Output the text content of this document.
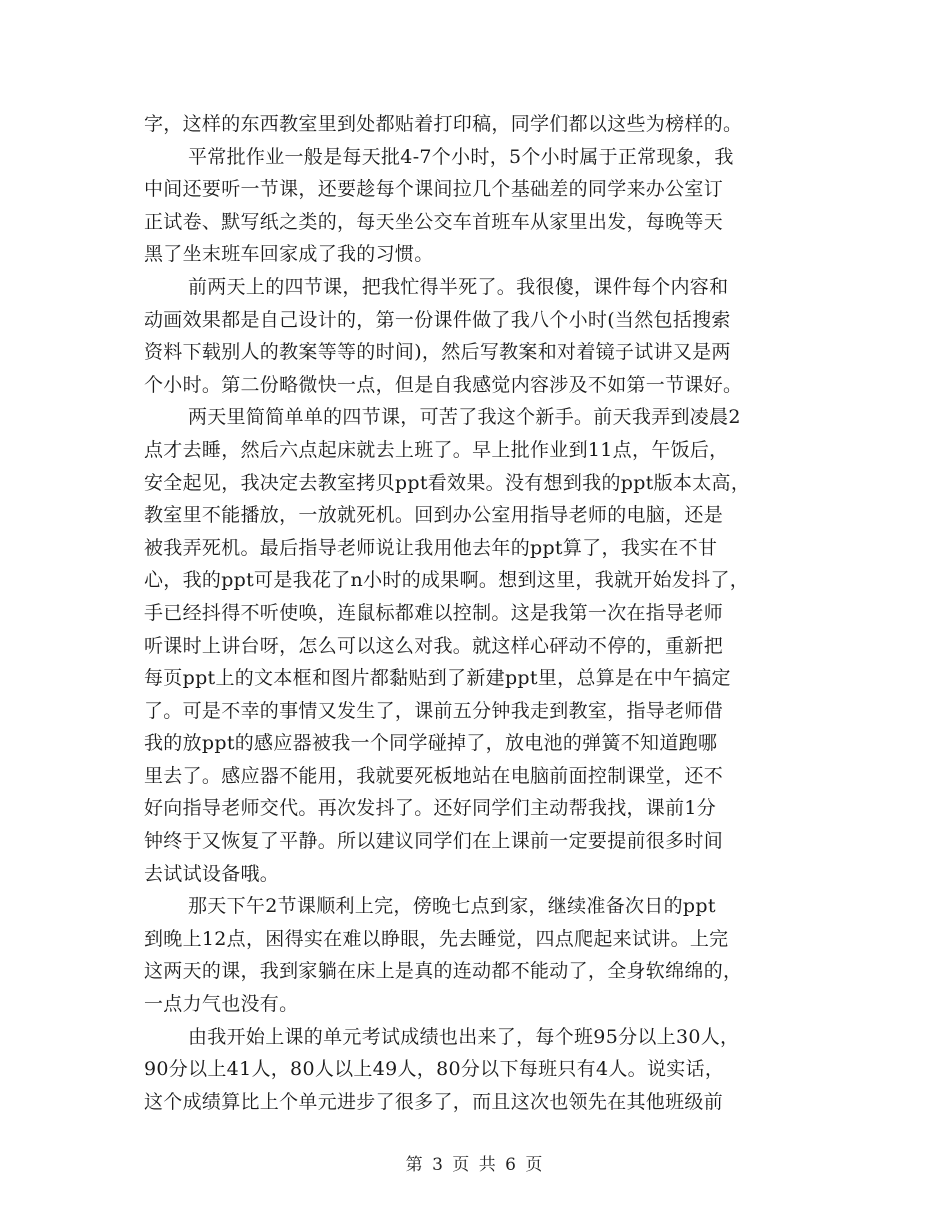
字，这样的东西教室里到处都贴着打印稿，同学们都以这些为榜样的。
平常批作业一般是每天批4-7个小时，5个小时属于正常现象，我
中间还要听一节课，还要趁每个课间拉几个基础差的同学来办公室订
正试卷、默写纸之类的，每天坐公交车首班车从家里出发，每晚等天
黑了坐末班车回家成了我的习惯。
前两天上的四节课，把我忙得半死了。我很傻，课件每个内容和
动画效果都是自己设计的，第一份课件做了我八个小时(当然包括搜索
资料下载别人的教案等等的时间)，然后写教案和对着镜子试讲又是两
个小时。第二份略微快一点，但是自我感觉内容涉及不如第一节课好。
两天里简简单单的四节课，可苦了我这个新手。前天我弄到凌晨2
点才去睡，然后六点起床就去上班了。早上批作业到11点，午饭后，
安全起见，我决定去教室拷贝ppt看效果。没有想到我的ppt版本太高，
教室里不能播放，一放就死机。回到办公室用指导老师的电脑，还是
被我弄死机。最后指导老师说让我用他去年的ppt算了，我实在不甘
心，我的ppt可是我花了n小时的成果啊。想到这里，我就开始发抖了，
手已经抖得不听使唤，连鼠标都难以控制。这是我第一次在指导老师
听课时上讲台呀，怎么可以这么对我。就这样心砰动不停的，重新把
每页ppt上的文本框和图片都黏贴到了新建ppt里，总算是在中午搞定
了。可是不幸的事情又发生了，课前五分钟我走到教室，指导老师借
我的放ppt的感应器被我一个同学碰掉了，放电池的弹簧不知道跑哪
里去了。感应器不能用，我就要死板地站在电脑前面控制课堂，还不
好向指导老师交代。再次发抖了。还好同学们主动帮我找，课前1分
钟终于又恢复了平静。所以建议同学们在上课前一定要提前很多时间
去试试设备哦。
那天下午2节课顺利上完，傍晚七点到家，继续准备次日的ppt
到晚上12点，困得实在难以睁眼，先去睡觉，四点爬起来试讲。上完
这两天的课，我到家躺在床上是真的连动都不能动了，全身软绵绵的，
一点力气也没有。
由我开始上课的单元考试成绩也出来了，每个班95分以上30人，
90分以上41人，80人以上49人，80分以下每班只有4人。说实话，
这个成绩算比上个单元进步了很多了，而且这次也领先在其他班级前
第 3 页 共 6 页
